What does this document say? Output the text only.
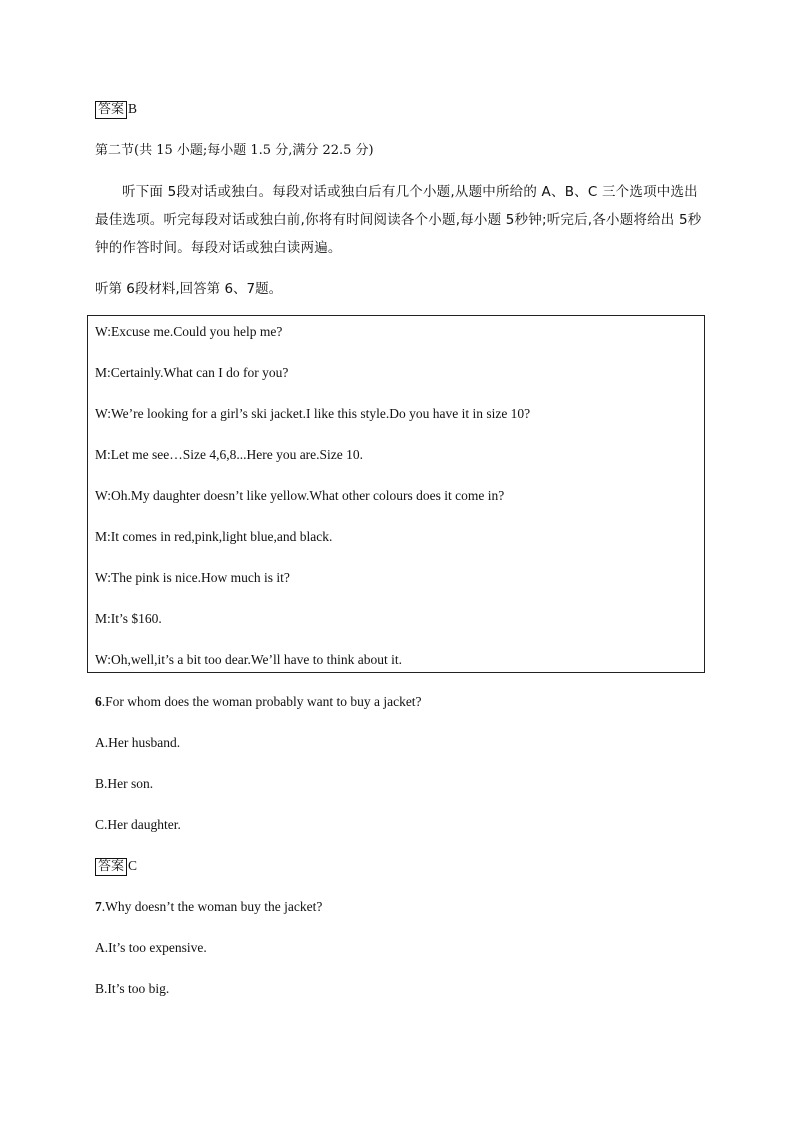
答案 B
第二节(共 15 小题;每小题 1.5 分,满分 22.5 分)
听下面 5段对话或独白。每段对话或独白后有几个小题,从题中所给的 A、B、C 三个选项中选出最佳选项。听完每段对话或独白前,你将有时间阅读各个小题,每小题 5秒钟;听完后,各小题将给出 5秒钟的作答时间。每段对话或独白读两遍。
听第 6段材料,回答第 6、7题。
W:Excuse me.Could you help me?
M:Certainly.What can I do for you?
W:We’re looking for a girl’s ski jacket.I like this style.Do you have it in size 10?
M:Let me see…Size 4,6,8...Here you are.Size 10.
W:Oh.My daughter doesn’t like yellow.What other colours does it come in?
M:It comes in red,pink,light blue,and black.
W:The pink is nice.How much is it?
M:It’s $160.
W:Oh,well,it’s a bit too dear.We’ll have to think about it.
6.For whom does the woman probably want to buy a jacket?
A.Her husband.
B.Her son.
C.Her daughter.
答案 C
7.Why doesn’t the woman buy the jacket?
A.It’s too expensive.
B.It’s too big.
